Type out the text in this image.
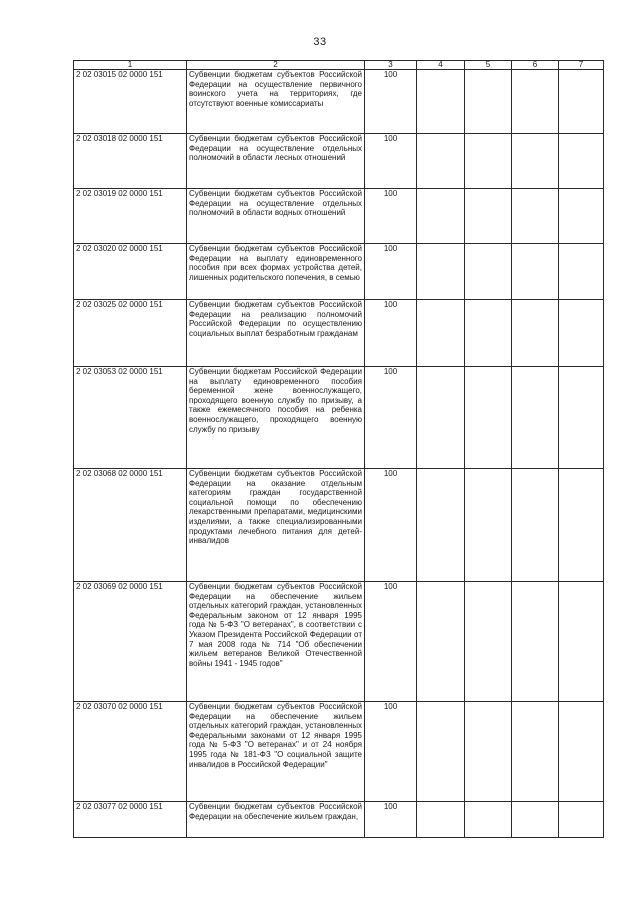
33
1	2	3	4	5	6	7
2 02 03015 02 0000 151	Субвенции бюджетам субъектов Российской Федерации на осуществление первичного воинского учета на территориях, где отсутствуют военные комиссариаты	100				
2 02 03018 02 0000 151	Субвенции бюджетам субъектов Российской Федерации на осуществление отдельных полномочий в области лесных отношений	100				
2 02 03019 02 0000 151	Субвенции бюджетам субъектов Российской Федерации на осуществление отдельных полномочий в области водных отношений	100				
2 02 03020 02 0000 151	Субвенции бюджетам субъектов Российской Федерации на выплату единовременного пособия при всех формах устройства детей, лишенных родительского попечения, в семью	100				
2 02 03025 02 0000 151	Субвенции бюджетам субъектов Российской Федерации на реализацию полномочий Российской Федерации по осуществлению социальных выплат безработным гражданам	100				
2 02 03053 02 0000 151	Субвенции бюджетам Российской Федерации на выплату единовременного пособия беременной жене военнослужащего, проходящего военную службу по призыву, а также ежемесячного пособия на ребенка военнослужащего, проходящего военную службу по призыву	100				
2 02 03068 02 0000 151	Субвенции бюджетам субъектов Российской Федерации на оказание отдельным категориям граждан государственной социальной помощи по обеспечению лекарственными препаратами, медицинскими изделиями, а также специализированными продуктами лечебного питания для детей-инвалидов	100				
2 02 03069 02 0000 151	Субвенции бюджетам субъектов Российской Федерации на обеспечение жильем отдельных категорий граждан, установленных Федеральным законом от 12 января 1995 года № 5-ФЗ "О ветеранах", в соответствии с Указом Президента Российской Федерации от 7 мая 2008 года № 714 "Об обеспечении жильем ветеранов Великой Отечественной войны 1941 - 1945 годов"	100				
2 02 03070 02 0000 151	Субвенции бюджетам субъектов Российской Федерации на обеспечение жильем отдельных категорий граждан, установленных Федеральными законами от 12 января 1995 года № 5-ФЗ "О ветеранах" и от 24 ноября 1995 года № 181-ФЗ "О социальной защите инвалидов в Российской Федерации"	100				
2 02 03077 02 0000 151	Субвенции бюджетам субъектов Российской Федерации на обеспечение жильем граждан,	100				
